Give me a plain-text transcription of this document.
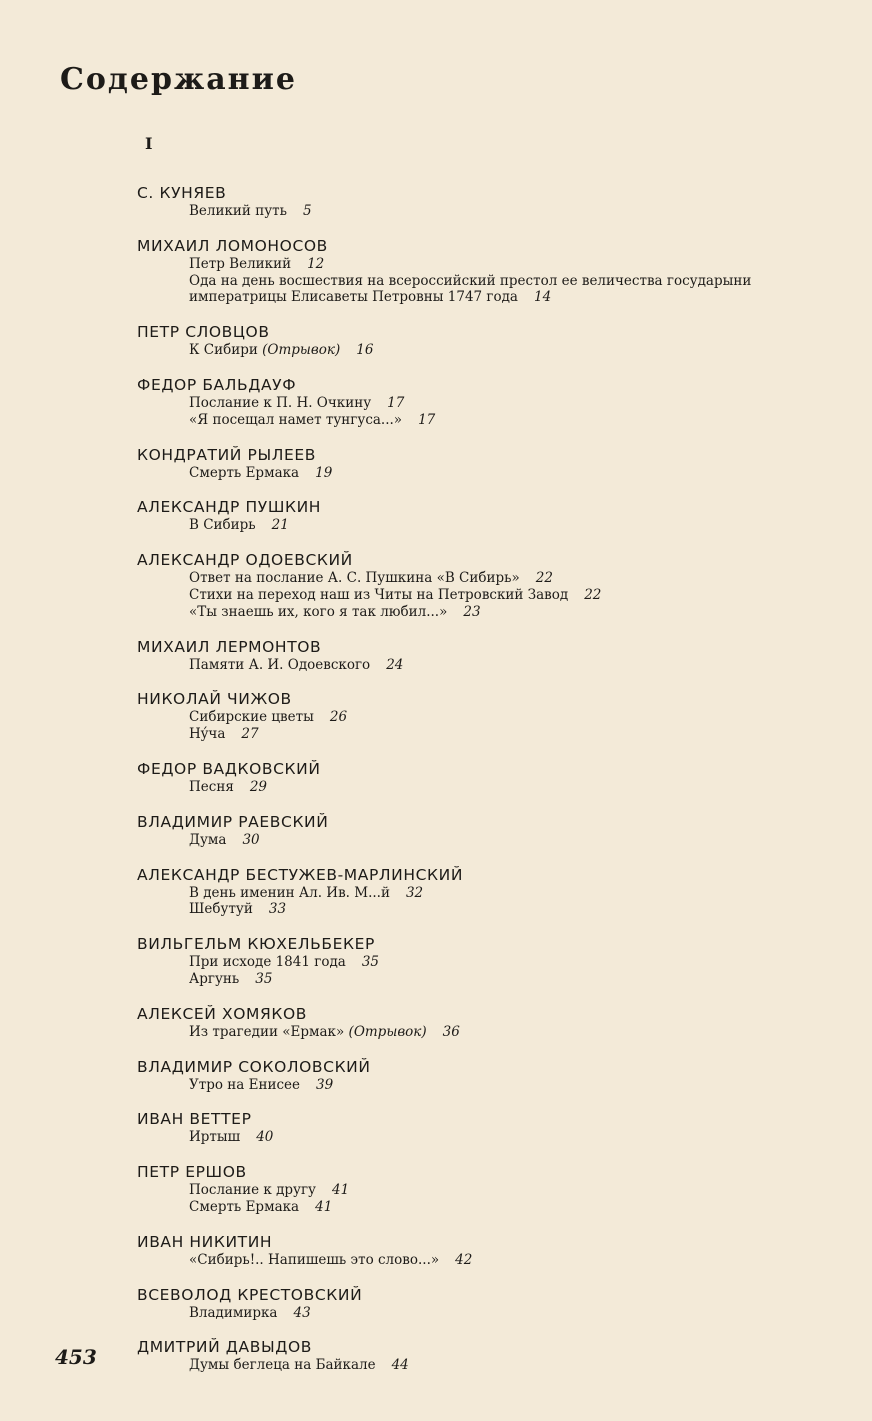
Содержание
I
С. КУНЯЕВ
Великий путь 5
МИХАИЛ ЛОМОНОСОВ
Петр Великий 12
Ода на день восшествия на всероссийский престол ее величества государыни императрицы Елисаветы Петровны 1747 года 14
ПЕТР СЛОВЦОВ
К Сибири (Отрывок) 16
ФЕДОР БАЛЬДАУФ
Послание к П. Н. Очкину 17
«Я посещал намет тунгуса...» 17
КОНДРАТИЙ РЫЛЕЕВ
Смерть Ермака 19
АЛЕКСАНДР ПУШКИН
В Сибирь 21
АЛЕКСАНДР ОДОЕВСКИЙ
Ответ на послание А. С. Пушкина «В Сибирь» 22
Стихи на переход наш из Читы на Петровский Завод 22
«Ты знаешь их, кого я так любил...» 23
МИХАИЛ ЛЕРМОНТОВ
Памяти А. И. Одоевского 24
НИКОЛАЙ ЧИЖОВ
Сибирские цветы 26
Нýча 27
ФЕДОР ВАДКОВСКИЙ
Песня 29
ВЛАДИМИР РАЕВСКИЙ
Дума 30
АЛЕКСАНДР БЕСТУЖЕВ-МАРЛИНСКИЙ
В день именин Ал. Ив. М...й 32
Шебутуй 33
ВИЛЬГЕЛЬМ КЮХЕЛЬБЕКЕР
При исходе 1841 года 35
Аргунь 35
АЛЕКСЕЙ ХОМЯКОВ
Из трагедии «Ермак» (Отрывок) 36
ВЛАДИМИР СОКОЛОВСКИЙ
Утро на Енисее 39
ИВАН ВЕТТЕР
Иртыш 40
ПЕТР ЕРШОВ
Послание к другу 41
Смерть Ермака 41
ИВАН НИКИТИН
«Сибирь!.. Напишешь это слово...» 42
ВСЕВОЛОД КРЕСТОВСКИЙ
Владимирка 43
ДМИТРИЙ ДАВЫДОВ
Думы беглеца на Байкале 44
453
